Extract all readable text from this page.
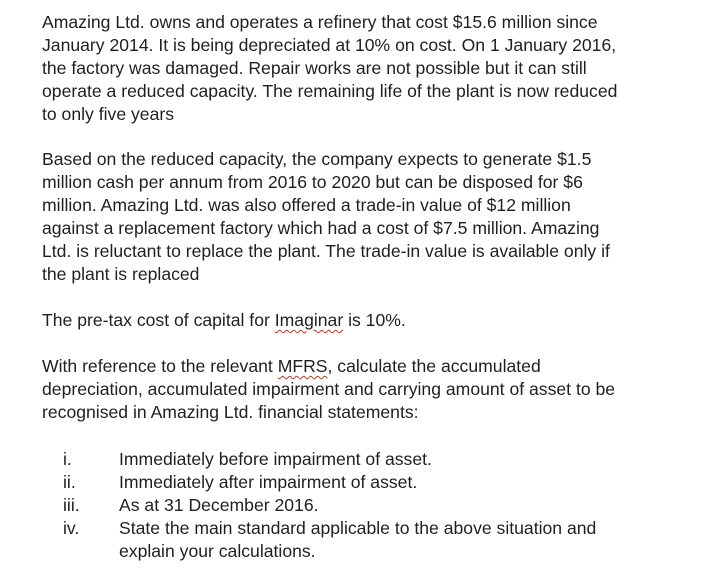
Amazing Ltd. owns and operates a refinery that cost $15.6 million since
January 2014. It is being depreciated at 10% on cost. On 1 January 2016,
the factory was damaged. Repair works are not possible but it can still
operate a reduced capacity. The remaining life of the plant is now reduced
to only five years

Based on the reduced capacity, the company expects to generate $1.5
million cash per annum from 2016 to 2020 but can be disposed for $6
million. Amazing Ltd. was also offered a trade-in value of $12 million
against a replacement factory which had a cost of $7.5 million. Amazing
Ltd. is reluctant to replace the plant. The trade-in value is available only if
the plant is replaced

The pre-tax cost of capital for Imaginar is 10%.

With reference to the relevant MFRS, calculate the accumulated
depreciation, accumulated impairment and carrying amount of asset to be
recognised in Amazing Ltd. financial statements:

i.	Immediately before impairment of asset.
ii.	Immediately after impairment of asset.
iii. As at 31 December 2016.
iv. State the main standard applicable to the above situation and
explain your calculations.
